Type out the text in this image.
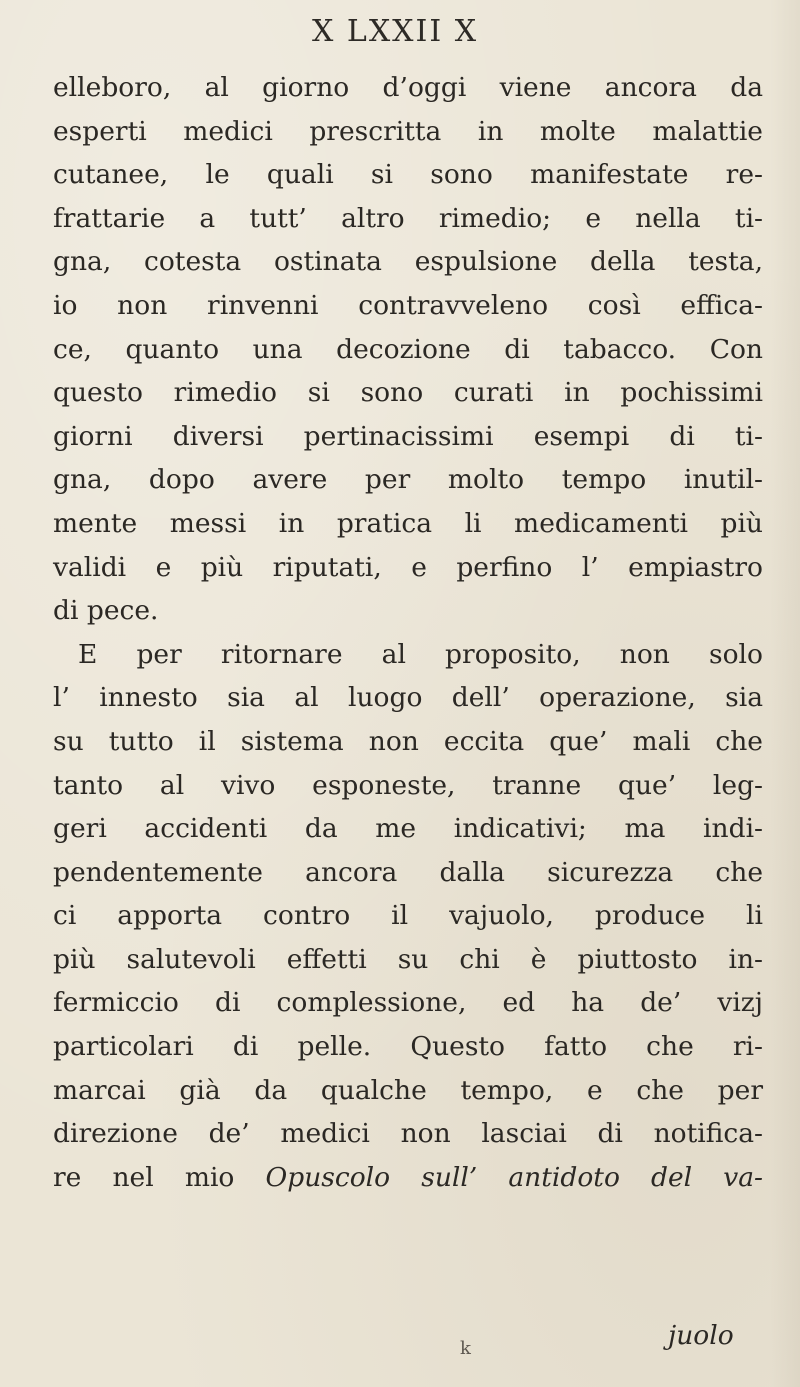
X LXXII X
elleboro, al giorno d’oggi viene ancora da
esperti medici prescritta in molte malattie
cutanee, le quali si sono manifestate re-
frattarie a tutt’ altro rimedio; e nella ti-
gna, cotesta ostinata espulsione della testa,
io non rinvenni contravveleno così effica-
ce, quanto una decozione di tabacco. Con
questo rimedio si sono curati in pochissimi
giorni diversi pertinacissimi esempi di ti-
gna, dopo avere per molto tempo inutil-
mente messi in pratica li medicamenti più
validi e più riputati, e perfino l’ empiastro
di pece.
E per ritornare al proposito, non solo
l’ innesto sia al luogo dell’ operazione, sia
su tutto il sistema non eccita que’ mali che
tanto al vivo esponeste, tranne que’ leg-
geri accidenti da me indicativi; ma indi-
pendentemente ancora dalla sicurezza che
ci apporta contro il vajuolo, produce li
più salutevoli effetti su chi è piuttosto in-
fermiccio di complessione, ed ha de’ vizj
particolari di pelle. Questo fatto che ri-
marcai già da qualche tempo, e che per
direzione de’ medici non lasciai di notifica-
re nel mio Opuscolo sull’ antidoto del va-
k	juolo
